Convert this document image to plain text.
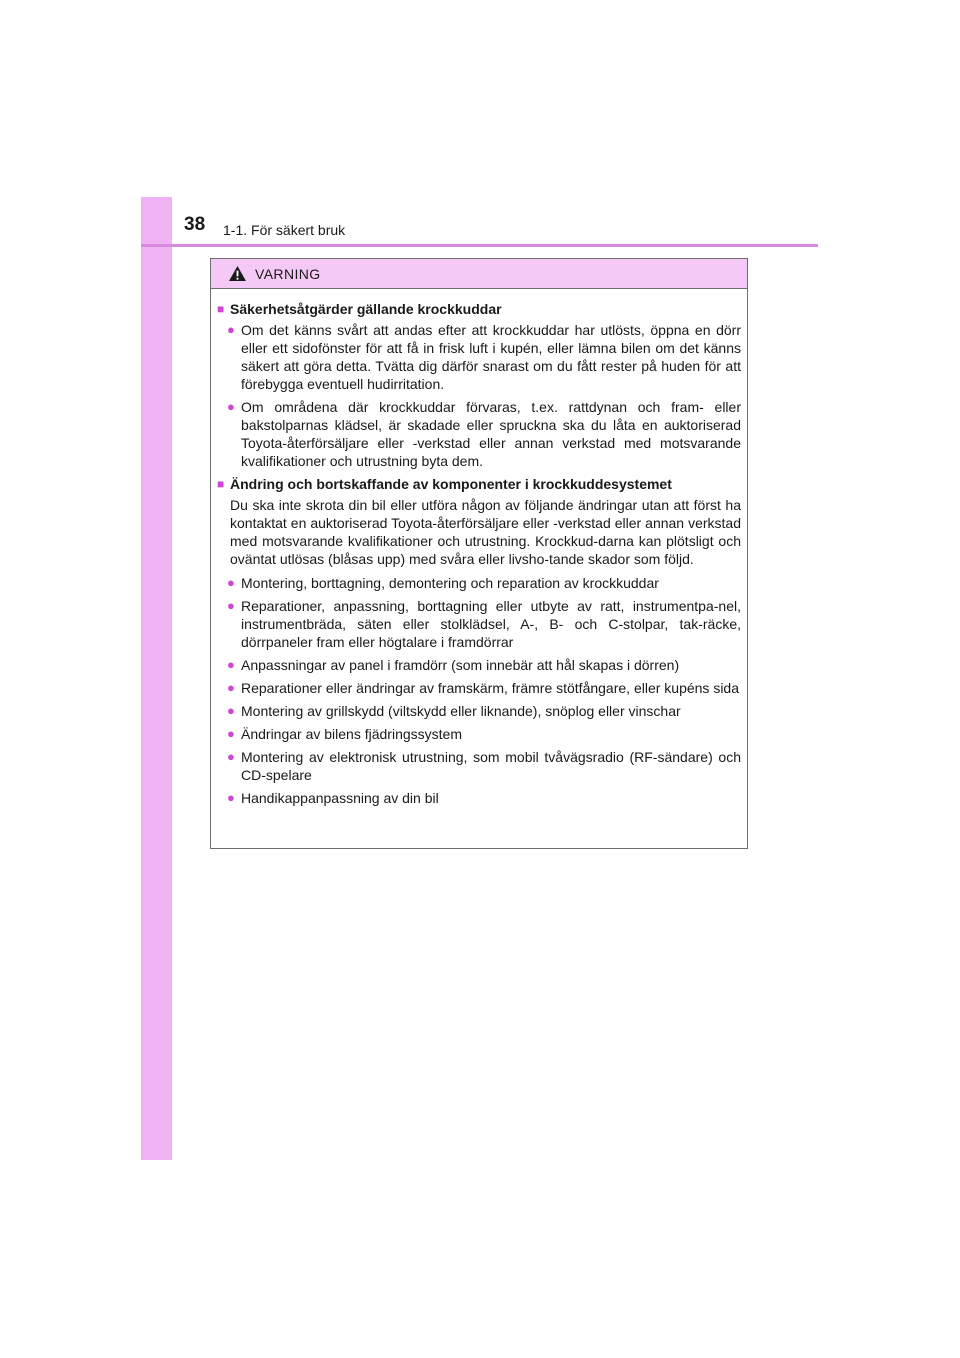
38 1-1. För säkert bruk
VARNING
■ Säkerhetsåtgärder gällande krockkuddar
● Om det känns svårt att andas efter att krockkuddar har utlösts, öppna en dörr eller ett sidofönster för att få in frisk luft i kupén, eller lämna bilen om det känns säkert att göra detta. Tvätta dig därför snarast om du fått rester på huden för att förebygga eventuell hudirritation.
● Om områdena där krockkuddar förvaras, t.ex. rattdynan och fram- eller bakstolparnas klädsel, är skadade eller spruckna ska du låta en auktoriserad Toyota-återförsäljare eller -verkstad eller annan verkstad med motsvarande kvalifikationer och utrustning byta dem.
■ Ändring och bortskaffande av komponenter i krockkuddesystemet
Du ska inte skrota din bil eller utföra någon av följande ändringar utan att först ha kontaktat en auktoriserad Toyota-återförsäljare eller -verkstad eller annan verkstad med motsvarande kvalifikationer och utrustning. Krockkud-darna kan plötsligt och oväntat utlösas (blåsas upp) med svåra eller livsho-tande skador som följd.
● Montering, borttagning, demontering och reparation av krockkuddar
● Reparationer, anpassning, borttagning eller utbyte av ratt, instrumentpa-nel, instrumentbräda, säten eller stolklädsel, A-, B- och C-stolpar, tak-räcke, dörrpaneler fram eller högtalare i framdörrar
● Anpassningar av panel i framdörr (som innebär att hål skapas i dörren)
● Reparationer eller ändringar av framskärm, främre stötfångare, eller kupéns sida
● Montering av grillskydd (viltskydd eller liknande), snöplog eller vinschar
● Ändringar av bilens fjädringssystem
● Montering av elektronisk utrustning, som mobil tvåvägsradio (RF-sändare) och CD-spelare
● Handikappanpassning av din bil
